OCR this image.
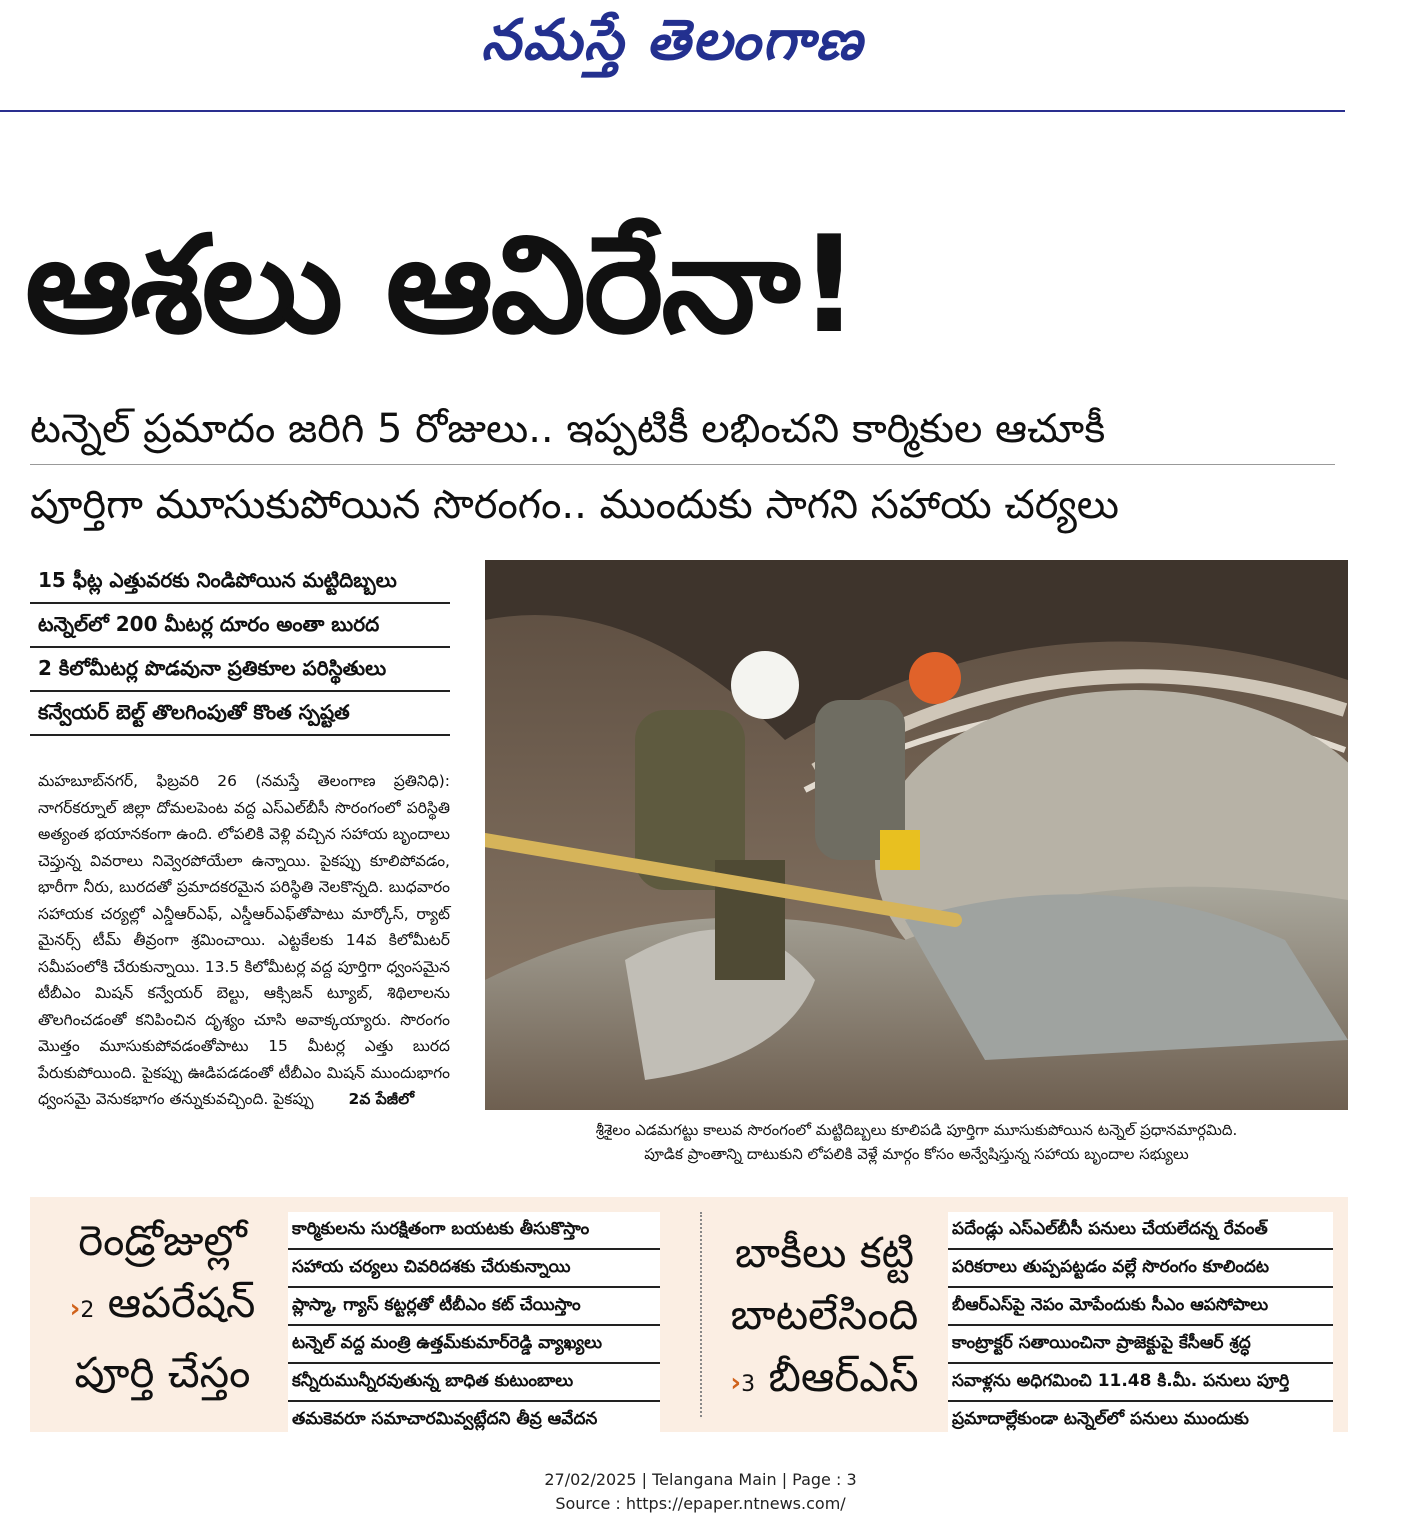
నమస్తే తెలంగాణ
ఆశలు ఆవిరేనా!
టన్నెల్ ప్రమాదం జరిగి 5 రోజులు.. ఇప్పటికీ లభించని కార్మికుల ఆచూకీ
పూర్తిగా మూసుకుపోయిన సొరంగం.. ముందుకు సాగని సహాయ చర్యలు
15 ఫీట్ల ఎత్తువరకు నిండిపోయిన మట్టిదిబ్బలు
టన్నెల్‌లో 200 మీటర్ల దూరం అంతా బురద
2 కిలోమీటర్ల పొడవునా ప్రతికూల పరిస్థితులు
కన్వేయర్ బెల్ట్ తొలగింపుతో కొంత స్పష్టత
మహబూబ్‌నగర్, ఫిబ్రవరి 26 (నమస్తే తెలంగాణ ప్రతినిధి): నాగర్‌కర్నూల్ జిల్లా దోమలపెంట వద్ద ఎస్‌ఎల్‌బీసీ సొరంగంలో పరిస్థితి అత్యంత భయానకంగా ఉంది. లోపలికి వెళ్లి వచ్చిన సహాయ బృందాలు చెప్తున్న వివరాలు నివ్వెరపోయేలా ఉన్నాయి. పైకప్పు కూలిపోవడం, భారీగా నీరు, బురదతో ప్రమాదకరమైన పరిస్థితి నెలకొన్నది. బుధవారం సహాయక చర్యల్లో ఎన్డీఆర్‌ఎఫ్, ఎస్డీఆర్‌ఎఫ్‌తోపాటు మార్కోస్, ర్యాట్ మైనర్స్ టీమ్ తీవ్రంగా శ్రమించాయి. ఎట్టకేలకు 14వ కిలోమీటర్ సమీపంలోకి చేరుకున్నాయి. 13.5 కిలోమీటర్ల వద్ద పూర్తిగా ధ్వంసమైన టీబీఎం మిషన్ కన్వేయర్ బెల్టు, ఆక్సిజన్ ట్యూబ్, శిథిలాలను తొలగించడంతో కనిపించిన దృశ్యం చూసి అవాక్కయ్యారు. సొరంగం మొత్తం మూసుకుపోవడంతోపాటు 15 మీటర్ల ఎత్తు బురద పేరుకుపోయింది. పైకప్పు ఊడిపడడంతో టీబీఎం మిషన్ ముందుభాగం ధ్వంసమై వెనుకభాగం తన్నుకువచ్చింది. పైకప్పు 2వ పేజీలో
శ్రీశైలం ఎడమగట్టు కాలువ సొరంగంలో మట్టిదిబ్బలు కూలిపడి పూర్తిగా మూసుకుపోయిన టన్నెల్ ప్రధానమార్గమిది.
పూడిక ప్రాంతాన్ని దాటుకుని లోపలికి వెళ్లే మార్గం కోసం అన్వేషిస్తున్న సహాయ బృందాల సభ్యులు
రెండ్రోజుల్లో
›2 ఆపరేషన్
పూర్తి చేస్తం
కార్మికులను సురక్షితంగా బయటకు తీసుకొస్తాం
సహాయ చర్యలు చివరిదశకు చేరుకున్నాయి
ప్లాస్మా, గ్యాస్ కట్టర్లతో టీబీఎం కట్ చేయిస్తాం
టన్నెల్ వద్ద మంత్రి ఉత్తమ్‌కుమార్‌రెడ్డి వ్యాఖ్యలు
కన్నీరుమున్నీరవుతున్న బాధిత కుటుంబాలు
తమకెవరూ సమాచారమివ్వట్లేదని తీవ్ర ఆవేదన
బాకీలు కట్టి
బాటలేసింది
›3 బీఆర్‌ఎస్
పదేండ్లు ఎస్‌ఎల్‌బీసీ పనులు చేయలేదన్న రేవంత్
పరికరాలు తుప్పపట్టడం వల్లే సొరంగం కూలిందట
బీఆర్‌ఎస్‌పై నెపం మోపేందుకు సీఎం ఆపసోపాలు
కాంట్రాక్టర్ సతాయించినా ప్రాజెక్టుపై కేసీఆర్ శ్రద్ధ
సవాళ్లను అధిగమించి 11.48 కి.మీ. పనులు పూర్తి
ప్రమాదాల్లేకుండా టన్నెల్‌లో పనులు ముందుకు
27/02/2025 | Telangana Main | Page : 3
Source : https://epaper.ntnews.com/
